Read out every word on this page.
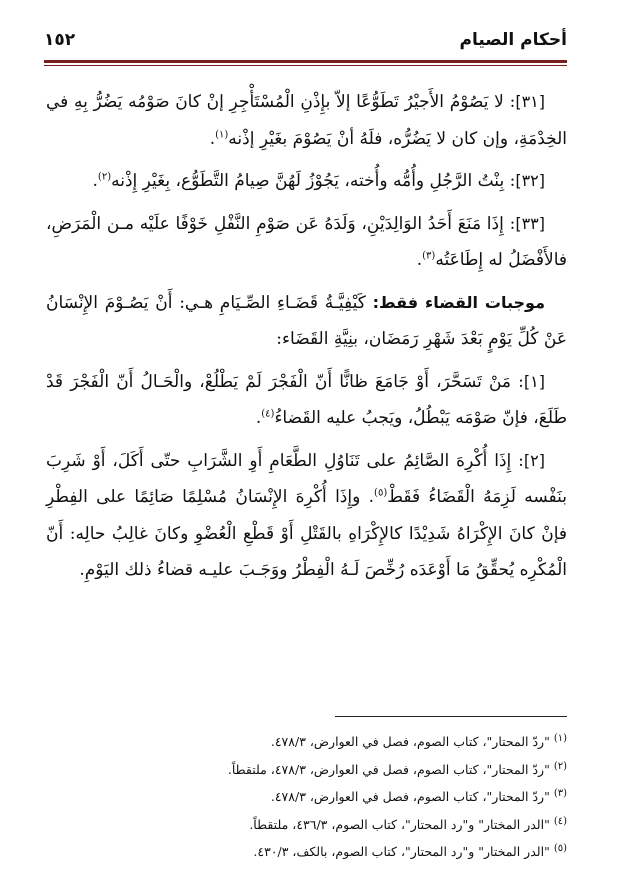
أحكام الصيام
١٥٢

[٣١]: لا يَصُوْمُ الأَجيْرُ تَطَوُّعًا إلاّ بإِذْنِ الْمُسْتَأْجِرِ إنْ كانَ صَوْمُه يَضُرُّ بِهِ في الخِدْمَةِ، وإن كان لا يَضُرُّه، فلَهُ أنْ يَصُوْمَ بغَيْرِ إذْنه$^{(١)}$.

[٣٢]: بِنْتُ الرَّجُلِ وأُمُّه وأُخته، يَجُوْزُ لَهُنَّ صِيامُ التَّطَوُّع، بِغَيْرِ إِذْنه$^{(٢)}$.

[٣٣]: إِذَا مَنَعَ أَحَدُ الوَالِدَيْنِ، وَلَدَهُ عَن صَوْمِ النَّفْلِ خَوْفًا علَيْه مـن الْمَرَضِ، فالأَفْضَلُ له إِطَاعَتُه$^{(٣)}$.

موجبات القضاء فقط: كَيْفِيَّـةُ قَضَـاءِ الصِّـيَامِ هـي: أَنْ يَصُـوْمَ الإِنْسَانُ عَنْ كُلِّ يَوْمٍ بَعْدَ شَهْرِ رَمَضَان، بنِيَّةِ القَضَاء:

[١]: مَنْ تَسَحَّرَ، أَوْ جَامَعَ ظانًّا أَنّ الْفَجْرَ لَمْ يَطْلُعْ، والْحَـالُ أَنّ الْفَجْرَ قَدْ طَلَعَ، فإنّ صَوْمَه يَبْطُلُ، ويَجبُ عليه القَضاءُ$^{(٤)}$.

[٢]: إِذَا أُكْرِهَ الصَّائِمُ على تَنَاوُلِ الطَّعَامِ أَوِ الشَّرَابِ حتّى أَكَلَ، أَوْ شَرِبَ بنَفْسه لَزِمَهُ الْقَضَاءُ فَقَطْ$^{(٥)}$. وإِذَا أُكْرِهَ الإِنْسَانُ مُسْلِمًا صَائِمًا على الفِطْرِ فإنْ كانَ الإِكْرَاهُ شَدِيْدًا كالإِكْرَاهِ بالقَتْلِ أَوْ قَطْعِ الْعُضْوِ وكانَ غالِبُ حالِه: أَنّ الْمُكْرِه يُحقِّقُ مَا أَوْعَدَه رُخِّصَ لَـهُ الْفِطْرُ ووَجَـبَ عليـه قضاءُ ذلك اليَوْمِ.

$^{(١)}$ "ردّ المحتار"، كتاب الصوم، فصل في العوارض، ٤٧٨/٣.
$^{(٢)}$ "ردّ المحتار"، كتاب الصوم، فصل في العوارض، ٤٧٨/٣، ملتقطاً.
$^{(٣)}$ "ردّ المحتار"، كتاب الصوم، فصل في العوارض، ٤٧٨/٣.
$^{(٤)}$ "الدر المختار" و"رد المحتار"، كتاب الصوم، ٤٣٦/٣، ملتقطاً.
$^{(٥)}$ "الدر المختار" و"رد المحتار"، كتاب الصوم، بالكف، ٤٣٠/٣.
